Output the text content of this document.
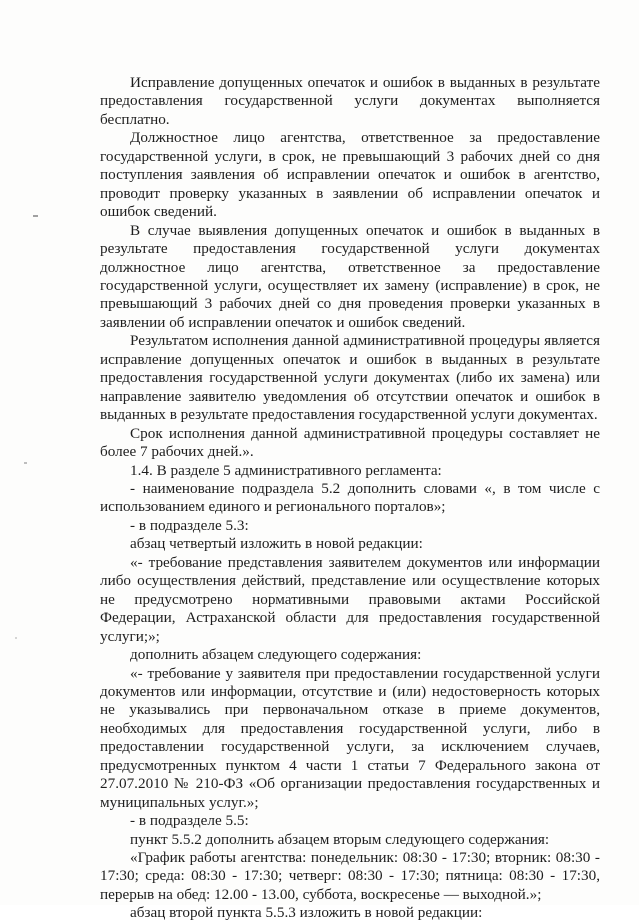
Исправление допущенных опечаток и ошибок в выданных в результате предоставления государственной услуги документах выполняется бесплатно.

Должностное лицо агентства, ответственное за предоставление государственной услуги, в срок, не превышающий 3 рабочих дней со дня поступления заявления об исправлении опечаток и ошибок в агентство, проводит проверку указанных в заявлении об исправлении опечаток и ошибок сведений.

В случае выявления допущенных опечаток и ошибок в выданных в результате предоставления государственной услуги документах должностное лицо агентства, ответственное за предоставление государственной услуги, осуществляет их замену (исправление) в срок, не превышающий 3 рабочих дней со дня проведения проверки указанных в заявлении об исправлении опечаток и ошибок сведений.

Результатом исполнения данной административной процедуры является исправление допущенных опечаток и ошибок в выданных в результате предоставления государственной услуги документах (либо их замена) или направление заявителю уведомления об отсутствии опечаток и ошибок в выданных в результате предоставления государственной услуги документах.

Срок исполнения данной административной процедуры составляет не более 7 рабочих дней.».

1.4. В разделе 5 административного регламента:

- наименование подраздела 5.2 дополнить словами «, в том числе с использованием единого и регионального порталов»;

- в подразделе 5.3:

абзац четвертый изложить в новой редакции:

«- требование представления заявителем документов или информации либо осуществления действий, представление или осуществление которых не предусмотрено нормативными правовыми актами Российской Федерации, Астраханской области для предоставления государственной услуги;»;

дополнить абзацем следующего содержания:

«- требование у заявителя при предоставлении государственной услуги документов или информации, отсутствие и (или) недостоверность которых не указывались при первоначальном отказе в приеме документов, необходимых для предоставления государственной услуги, либо в предоставлении государственной услуги, за исключением случаев, предусмотренных пунктом 4 части 1 статьи 7 Федерального закона от 27.07.2010 № 210-ФЗ «Об организации предоставления государственных и муниципальных услуг.»;

- в подразделе 5.5:

пункт 5.5.2 дополнить абзацем вторым следующего содержания:

«График работы агентства: понедельник: 08:30 - 17:30; вторник: 08:30 - 17:30; среда: 08:30 - 17:30; четверг: 08:30 - 17:30; пятница: 08:30 - 17:30, перерыв на обед: 12.00 - 13.00, суббота, воскресенье — выходной.»;

абзац второй пункта 5.5.3 изложить в новой редакции:
